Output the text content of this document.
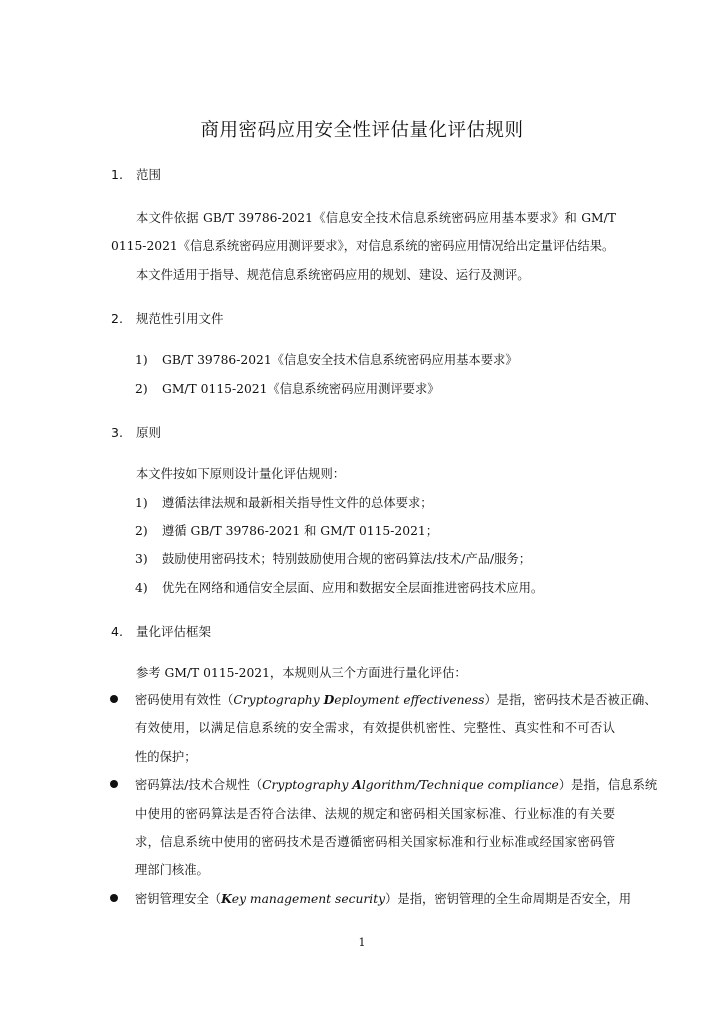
商用密码应用安全性评估量化评估规则
1. 范围
本文件依据 GB/T 39786-2021《信息安全技术信息系统密码应用基本要求》和 GM/T
0115-2021《信息系统密码应用测评要求》，对信息系统的密码应用情况给出定量评估结果。
本文件适用于指导、规范信息系统密码应用的规划、建设、运行及测评。
2. 规范性引用文件
1) GB/T 39786-2021《信息安全技术信息系统密码应用基本要求》
2) GM/T 0115-2021《信息系统密码应用测评要求》
3. 原则
本文件按如下原则设计量化评估规则：
1) 遵循法律法规和最新相关指导性文件的总体要求；
2) 遵循 GB/T 39786-2021 和 GM/T 0115-2021；
3) 鼓励使用密码技术；特别鼓励使用合规的密码算法/技术/产品/服务；
4) 优先在网络和通信安全层面、应用和数据安全层面推进密码技术应用。
4. 量化评估框架
参考 GM/T 0115-2021，本规则从三个方面进行量化评估：
密码使用有效性（Cryptography Deployment effectiveness）是指，密码技术是否被正确、
有效使用，以满足信息系统的安全需求，有效提供机密性、完整性、真实性和不可否认
性的保护；
密码算法/技术合规性（Cryptography Algorithm/Technique compliance）是指，信息系统
中使用的密码算法是否符合法律、法规的规定和密码相关国家标准、行业标准的有关要
求，信息系统中使用的密码技术是否遵循密码相关国家标准和行业标准或经国家密码管
理部门核准。
密钥管理安全（Key management security）是指，密钥管理的全生命周期是否安全，用
1
